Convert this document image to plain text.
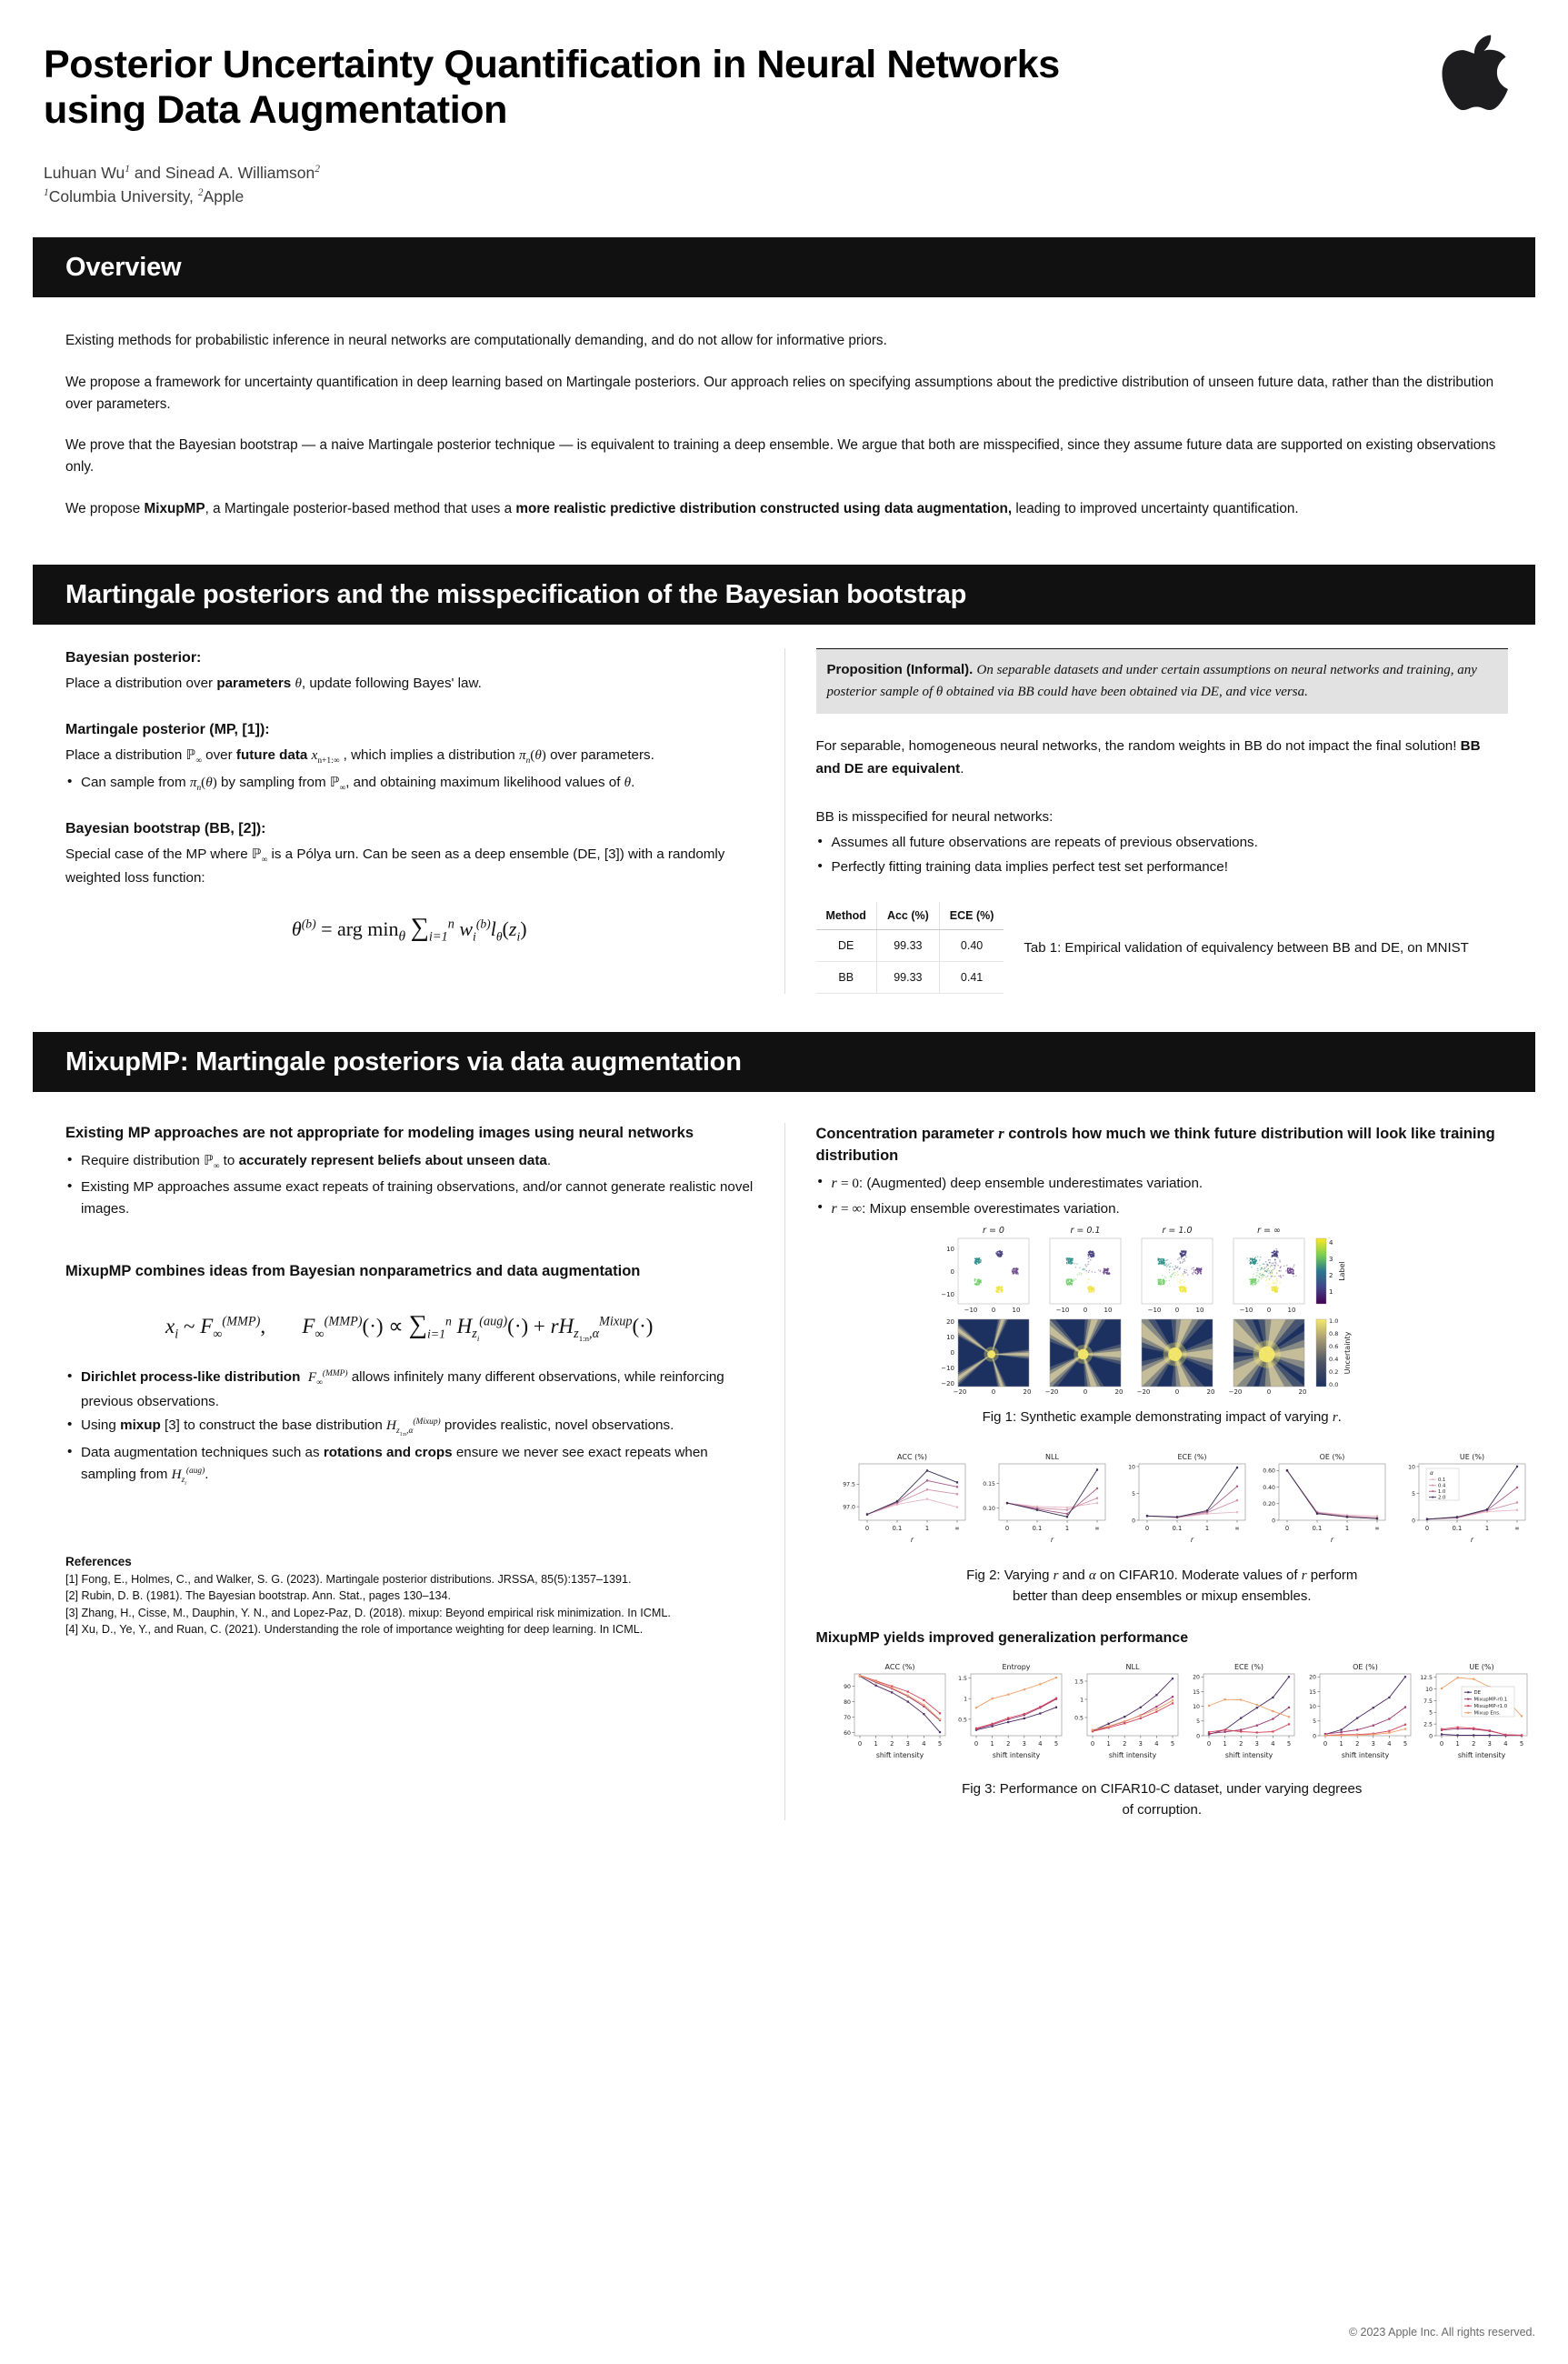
Posterior Uncertainty Quantification in Neural Networks
using Data Augmentation
Luhuan Wu$^1$ and Sinead A. Williamson$^2$
$^1$Columbia University, $^2$Apple
Overview

Existing methods for probabilistic inference in neural networks are computationally demanding, and do not allow for informative priors.

We propose a framework for uncertainty quantification in deep learning based on Martingale posteriors. Our approach relies on specifying assumptions about the predictive distribution of unseen future data, rather than the distribution over parameters.

We prove that the Bayesian bootstrap — a naive Martingale posterior technique — is equivalent to training a deep ensemble. We argue that both are misspecified, since they assume future data are supported on existing observations only.

We propose MixupMP, a Martingale posterior-based method that uses a more realistic predictive distribution constructed using data augmentation, leading to improved uncertainty quantification.

Martingale posteriors and the misspecification of the Bayesian bootstrap
Bayesian posterior:
Place a distribution over parameters θ, update following Bayes' law.
Martingale posterior (MP, [1]):
Place a distribution ℙ$_\infty$ over future data $x_{n+1:\infty}$ , which implies a distribution $\pi_n(\theta)$ over parameters.
• Can sample from $\pi_n(\theta)$ by sampling from ℙ$_\infty$, and obtaining maximum likelihood values of θ.
Bayesian bootstrap (BB, [2]):
Special case of the MP where ℙ$_\infty$ is a Pólya urn. Can be seen as a deep ensemble (DE, [3]) with a randomly weighted loss function:
$\theta^{(b)}$ = arg $\min_\theta \sum_{i=1}^n$ $w_i^{(b)}l_\theta(z_i)$
Proposition (Informal). On separable datasets and under certain assumptions on neural networks and training, any posterior sample of θ obtained via BB could have been obtained via DE, and vice versa.
For separable, homogeneous neural networks, the random weights in BB do not impact the final solution! BB and DE are equivalent.
BB is misspecified for neural networks:
• Assumes all future observations are repeats of previous observations.
• Perfectly fitting training data implies perfect test set performance!
Method	Acc (%)	ECE (%)
DE	99.33	0.40
BB	99.33	0.41
Tab 1: Empirical validation of equivalency between BB and DE, on MNIST
MixupMP: Martingale posteriors via data augmentation
Existing MP approaches are not appropriate for modeling images using neural networks
• Require distribution ℙ$_\infty$ to accurately represent beliefs about unseen data.
• Existing MP approaches assume exact repeats of training observations, and/or cannot generate realistic novel images.
MixupMP combines ideas from Bayesian nonparametrics and data augmentation
$x_i$ ~ $F_\infty^{(MMP)}$, $F_\infty^{(MMP)}(\cdot) \propto \sum_{i=1}^n$ $H_{z_i}^{(aug)}(\cdot) + rH_{z_{1:n},\alpha}^{Mixup}(\cdot)$
• Dirichlet process-like distribution $F_\infty^{(MMP)}$ allows infinitely many different observations, while reinforcing previous observations.
• Using mixup [3] to construct the base distribution $H_{z_{1:n},\alpha}^{(Mixup)}$ provides realistic, novel observations.
• Data augmentation techniques such as rotations and crops ensure we never see exact repeats when sampling from $H_{z_i}^{(aug)}$.
References
[1] Fong, E., Holmes, C., and Walker, S. G. (2023). Martingale posterior distributions. JRSSA, 85(5):1357–1391.
[2] Rubin, D. B. (1981). The Bayesian bootstrap. Ann. Stat., pages 130–134.
[3] Zhang, H., Cisse, M., Dauphin, Y. N., and Lopez-Paz, D. (2018). mixup: Beyond empirical risk minimization. In ICML.
[4] Xu, D., Ye, Y., and Ruan, C. (2021). Understanding the role of importance weighting for deep learning. In ICML.
Concentration parameter r controls how much we think future distribution will look like training distribution
• r = 0: (Augmented) deep ensemble underestimates variation.
• r = ∞: Mixup ensemble overestimates variation.
r = 0	r = 0.1	r = 1.0	r = ∞
10
0
−10
−10 0	10	−10 0	10	−10 0	10	−10 0	10
4
3
2
1
Label
20
10
0
−10
−20
−20	0	20 −20	0	20 −20	0	20 −20	0	20
1.0
0.8
0.6
0.4
0.2
0.0
Uncertainty
Fig 1: Synthetic example demonstrating impact of varying r.
ACC (%)
97.0
97.5
0	0.1	1	∞
r
NLL
0.10
0.15
0	0.1	1	∞
r
ECE (%)
0
5
10
0	0.1	1	∞
r
OE (%)
0
0.20
0.40
0.60
0	0.1	1	∞
r
UE (%)
0
5
10
0	0.1	1	∞
r
α
0.1
0.4
1.0
2.0
Fig 2: Varying r and α on CIFAR10. Moderate values of r perform
better than deep ensembles or mixup ensembles.
MixupMP yields improved generalization performance
ACC (%)
60
70
80
90
0 1 2 3 4 5
shift intensity
Entropy
0.5
1
1.5
0 1 2 3 4 5
shift intensity
NLL
0.5
1
1.5
0 1 2 3 4 5
shift intensity
ECE (%)
0
5
10
15
20
0 1 2 3 4 5
shift intensity
OE (%)
0
5
10
15
20
0 1 2 3 4 5
shift intensity
UE (%)
0
2.5
5
7.5
10
12.5
0 1 2 3 4 5
shift intensity
DE
MixupMP-r0.1
MixupMP-r1.0
Mixup Ens.
Fig 3: Performance on CIFAR10-C dataset, under varying degrees
of corruption.
© 2023 Apple Inc. All rights reserved.
